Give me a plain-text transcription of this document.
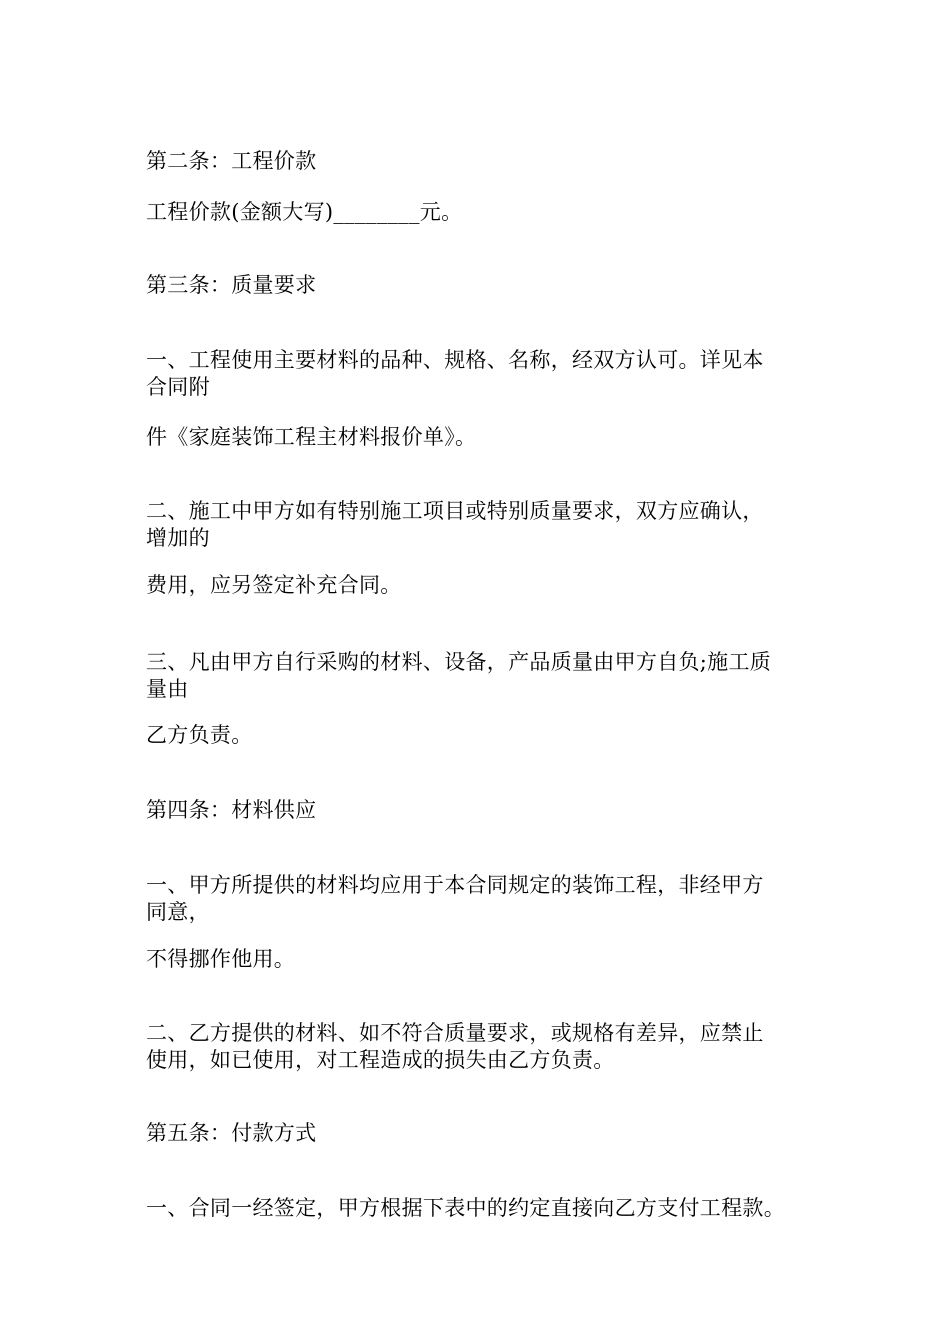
第二条：工程价款
工程价款(金额大写)________元。
第三条：质量要求
一、工程使用主要材料的品种、规格、名称，经双方认可。详见本
合同附
件《家庭装饰工程主材料报价单》。
二、施工中甲方如有特别施工项目或特别质量要求，双方应确认，
增加的
费用，应另签定补充合同。
三、凡由甲方自行采购的材料、设备，产品质量由甲方自负;施工质
量由
乙方负责。
第四条：材料供应
一、甲方所提供的材料均应用于本合同规定的装饰工程，非经甲方
同意，
不得挪作他用。
二、乙方提供的材料、如不符合质量要求，或规格有差异，应禁止
使用，如已使用，对工程造成的损失由乙方负责。
第五条：付款方式
一、合同一经签定，甲方根据下表中的约定直接向乙方支付工程款。
